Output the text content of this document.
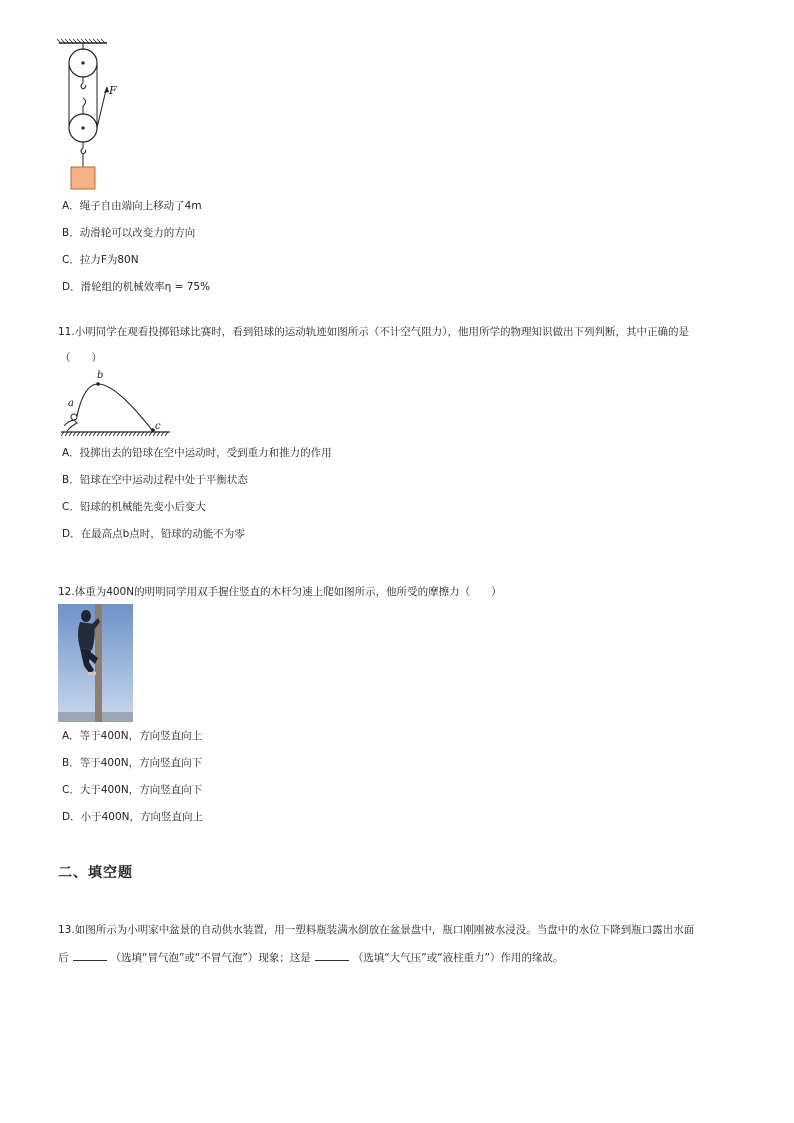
F
A．绳子自由端向上移动了4m
B．动滑轮可以改变力的方向
C．拉力F为80N
D．滑轮组的机械效率η = 75%
11.小明同学在观看投掷铅球比赛时，看到铅球的运动轨迹如图所示（不计空气阻力），他用所学的物理知识做出下列判断，其中正确的是
（　　）
a
b
c
A．投掷出去的铅球在空中运动时，受到重力和推力的作用
B．铅球在空中运动过程中处于平衡状态
C．铅球的机械能先变小后变大
D．在最高点b点时，铅球的动能不为零
12.体重为400N的明明同学用双手握住竖直的木杆匀速上爬如图所示，他所受的摩擦力（　　）
A．等于400N，方向竖直向上
B．等于400N，方向竖直向下
C．大于400N，方向竖直向下
D．小于400N，方向竖直向上
二、填空题
13.如图所示为小明家中盆景的自动供水装置，用一塑料瓶装满水倒放在盆景盘中，瓶口刚刚被水浸没。当盘中的水位下降到瓶口露出水面
后	（选填“冒气泡”或“不冒气泡”）现象；这是	（选填“大气压”或“液柱重力”）作用的缘故。
